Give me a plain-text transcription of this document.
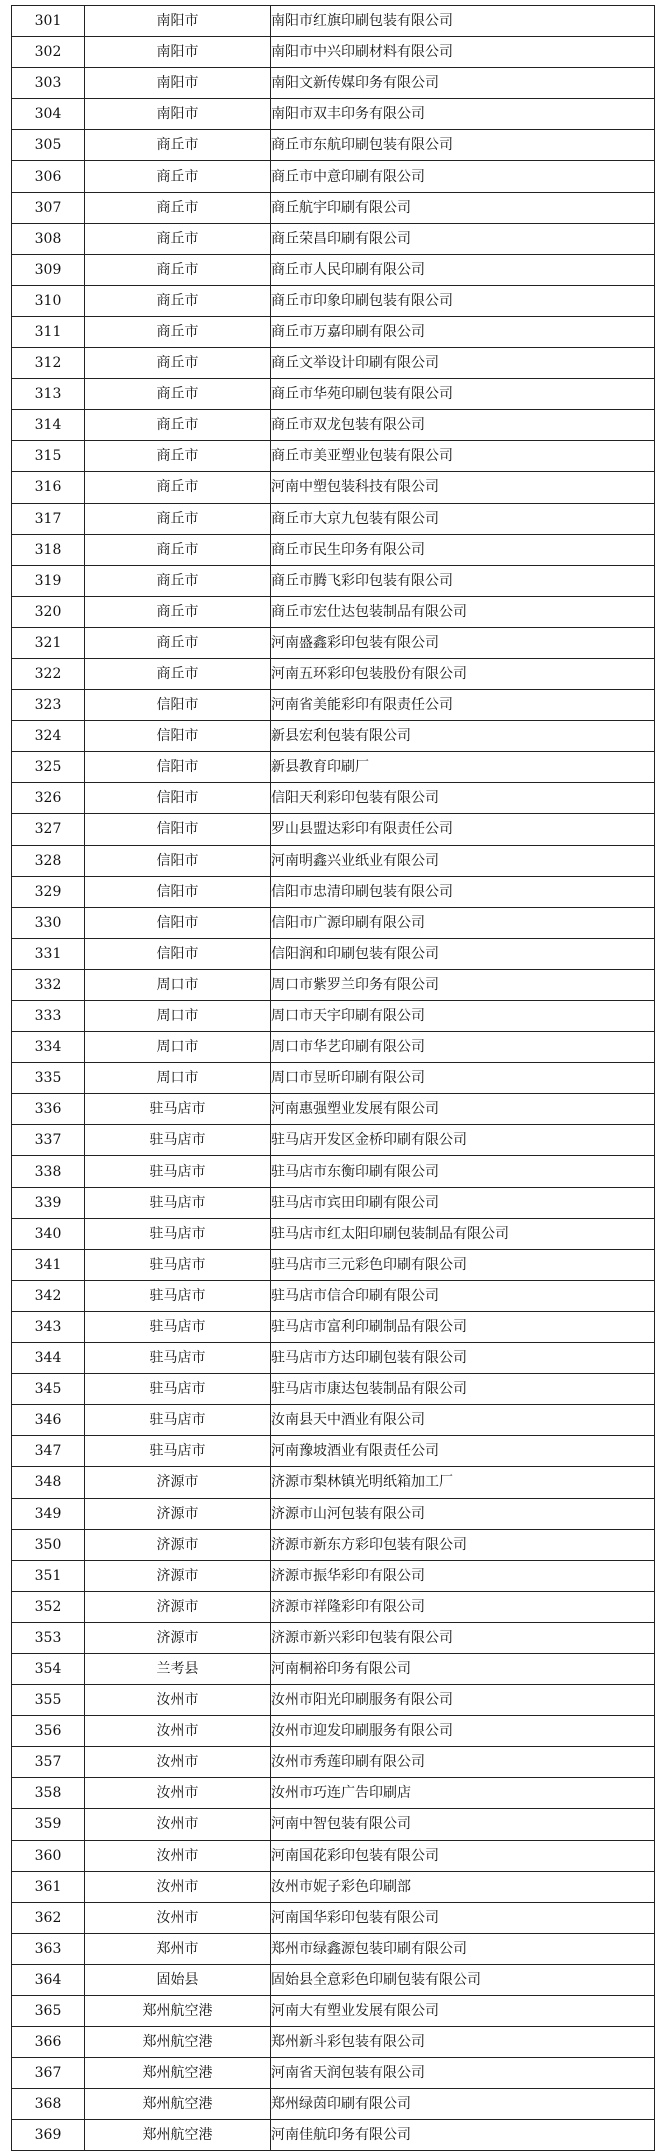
301	南阳市	南阳市红旗印刷包装有限公司
302	南阳市	南阳市中兴印刷材料有限公司
303	南阳市	南阳文新传媒印务有限公司
304	南阳市	南阳市双丰印务有限公司
305	商丘市	商丘市东航印刷包装有限公司
306	商丘市	商丘市中意印刷有限公司
307	商丘市	商丘航宇印刷有限公司
308	商丘市	商丘荣昌印刷有限公司
309	商丘市	商丘市人民印刷有限公司
310	商丘市	商丘市印象印刷包装有限公司
311	商丘市	商丘市万嘉印刷有限公司
312	商丘市	商丘文举设计印刷有限公司
313	商丘市	商丘市华苑印刷包装有限公司
314	商丘市	商丘市双龙包装有限公司
315	商丘市	商丘市美亚塑业包装有限公司
316	商丘市	河南中塑包装科技有限公司
317	商丘市	商丘市大京九包装有限公司
318	商丘市	商丘市民生印务有限公司
319	商丘市	商丘市腾飞彩印包装有限公司
320	商丘市	商丘市宏仕达包装制品有限公司
321	商丘市	河南盛鑫彩印包装有限公司
322	商丘市	河南五环彩印包装股份有限公司
323	信阳市	河南省美能彩印有限责任公司
324	信阳市	新县宏利包装有限公司
325	信阳市	新县教育印刷厂
326	信阳市	信阳天利彩印包装有限公司
327	信阳市	罗山县盟达彩印有限责任公司
328	信阳市	河南明鑫兴业纸业有限公司
329	信阳市	信阳市忠清印刷包装有限公司
330	信阳市	信阳市广源印刷有限公司
331	信阳市	信阳润和印刷包装有限公司
332	周口市	周口市紫罗兰印务有限公司
333	周口市	周口市天宇印刷有限公司
334	周口市	周口市华艺印刷有限公司
335	周口市	周口市昱昕印刷有限公司
336	驻马店市	河南惠强塑业发展有限公司
337	驻马店市	驻马店开发区金桥印刷有限公司
338	驻马店市	驻马店市东衡印刷有限公司
339	驻马店市	驻马店市宾田印刷有限公司
340	驻马店市	驻马店市红太阳印刷包装制品有限公司
341	驻马店市	驻马店市三元彩色印刷有限公司
342	驻马店市	驻马店市信合印刷有限公司
343	驻马店市	驻马店市富利印刷制品有限公司
344	驻马店市	驻马店市方达印刷包装有限公司
345	驻马店市	驻马店市康达包装制品有限公司
346	驻马店市	汝南县天中酒业有限公司
347	驻马店市	河南豫坡酒业有限责任公司
348	济源市	济源市梨林镇光明纸箱加工厂
349	济源市	济源市山河包装有限公司
350	济源市	济源市新东方彩印包装有限公司
351	济源市	济源市振华彩印有限公司
352	济源市	济源市祥隆彩印有限公司
353	济源市	济源市新兴彩印包装有限公司
354	兰考县	河南桐裕印务有限公司
355	汝州市	汝州市阳光印刷服务有限公司
356	汝州市	汝州市迎发印刷服务有限公司
357	汝州市	汝州市秀莲印刷有限公司
358	汝州市	汝州市巧连广告印刷店
359	汝州市	河南中智包装有限公司
360	汝州市	河南国花彩印包装有限公司
361	汝州市	汝州市妮子彩色印刷部
362	汝州市	河南国华彩印包装有限公司
363	郑州市	郑州市绿鑫源包装印刷有限公司
364	固始县	固始县全意彩色印刷包装有限公司
365	郑州航空港	河南大有塑业发展有限公司
366	郑州航空港	郑州新斗彩包装有限公司
367	郑州航空港	河南省天润包装有限公司
368	郑州航空港	郑州绿茵印刷有限公司
369	郑州航空港	河南佳航印务有限公司
